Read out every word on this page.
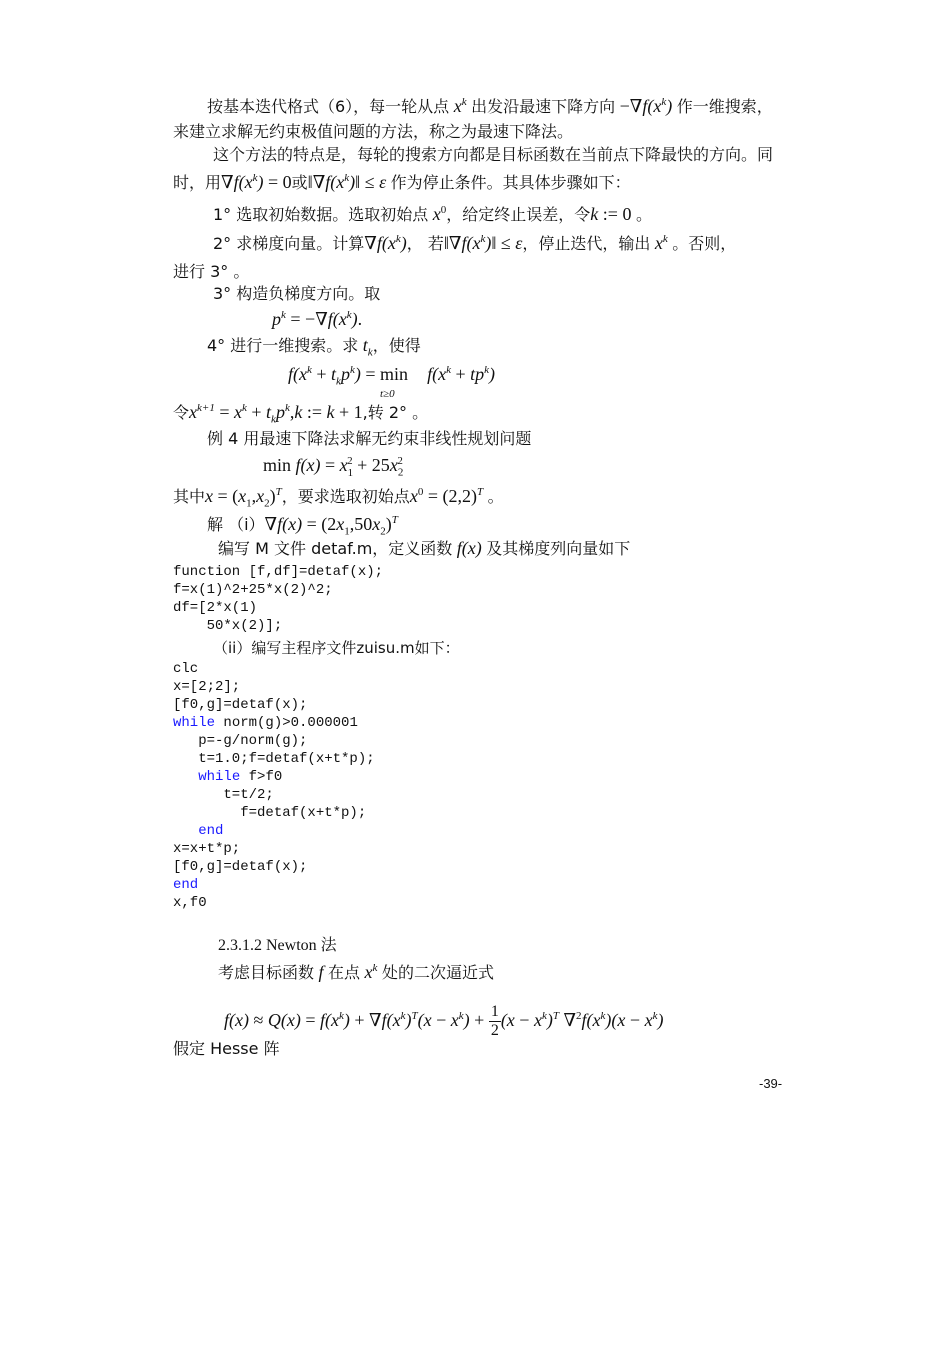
按基本迭代格式（6），每一轮从点 $x^k$ 出发沿最速下降方向 $-\nabla f(x^k)$ 作一维搜索，
来建立求解无约束极值问题的方法，称之为最速下降法。
这个方法的特点是，每轮的搜索方向都是目标函数在当前点下降最快的方向。同
时，用$\nabla f(x^k) = 0$或$‖\nabla f(x^k)‖ \le \varepsilon$ 作为停止条件。其具体步骤如下：
1° 选取初始数据。选取初始点 $x^0$，给定终止误差，令k := 0 。
2° 求梯度向量。计算$\nabla f(x^k)$， 若$‖\nabla f(x^k)‖ \le \varepsilon$，停止迭代，输出 $x^k$ 。否则，
进行 3° 。
3° 构造负梯度方向。取
$p^k = -\nabla f(x^k)$.
4° 进行一维搜索。求 $t_k$，使得
$f(x^k + t_kp^k) = \min_{t\ge 0} f(x^k + tp^k)$
令$x^{k+1} = x^k + t_kp^k,k$ := k + 1,转 2° 。
例 4 用最速下降法求解无约束非线性规划问题
$\min f(x) = x_1^2 + 25x_2^2$
其中$x = (x_1,x_2)^T$，要求选取初始点$x^0 = (2,2)^T$ 。
解 $(i)\nabla f(x) = (2x_1,50x_2)^T$
编写 M 文件 detaf.m，定义函数 f(x) 及其梯度列向量如下
function [f,df]=detaf(x);
f=x(1)^2+25*x(2)^2;
df=[2*x(1)
50*x(2)];
（ii）编写主程序文件zuisu.m如下：
clc
x=[2;2];
[f0,g]=detaf(x);
while norm(g)>0.000001
p=-g/norm(g);
t=1.0;f=detaf(x+t*p);
while f>f0
t=t/2;
f=detaf(x+t*p);
end
x=x+t*p;
[f0,g]=detaf(x);
end
x,f0
2.3.1.2 Newton 法
考虑目标函数 f 在点 $x^k$ 处的二次逼近式
$f(x) \approx Q(x) = f(x^k) + \nabla f(x^k)^T(x - x^k) + \frac{1}{2} (x - x^k)^T$ $\nabla^2f(x^k)(x - x^k)$
假定 Hesse 阵
-39-
